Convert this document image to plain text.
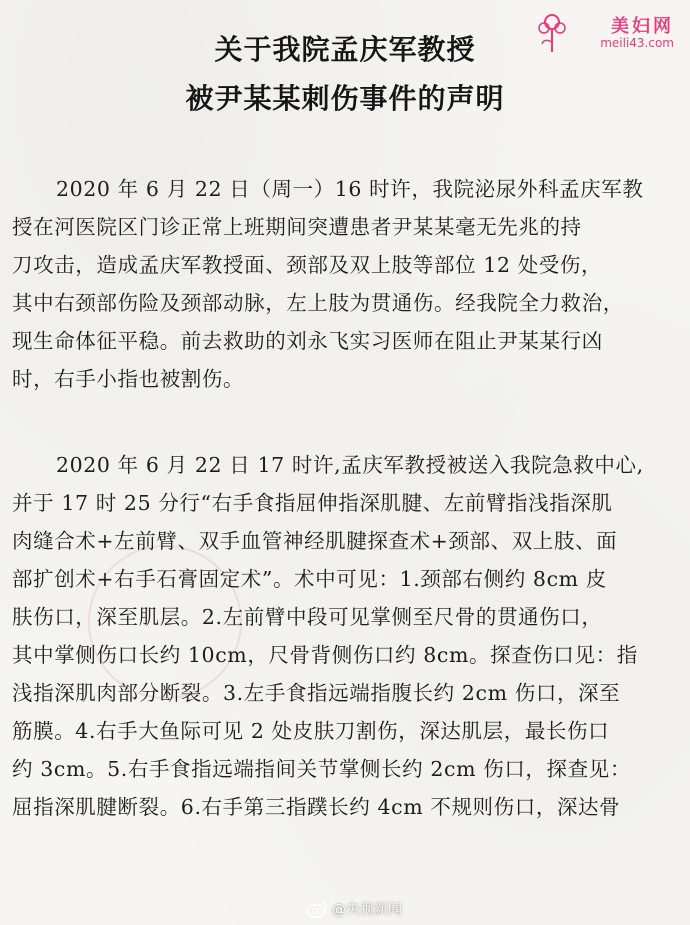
美妇网
meili43.com
关于我院孟庆军教授
被尹某某刺伤事件的声明
2020 年 6 月 22 日（周一）16 时许，我院泌尿外科孟庆军教
授在河医院区门诊正常上班期间突遭患者尹某某毫无先兆的持
刀攻击，造成孟庆军教授面、颈部及双上肢等部位 12 处受伤，
其中右颈部伤险及颈部动脉，左上肢为贯通伤。经我院全力救治，
现生命体征平稳。前去救助的刘永飞实习医师在阻止尹某某行凶
时，右手小指也被割伤。
2020 年 6 月 22 日 17 时许,孟庆军教授被送入我院急救中心,
并于 17 时 25 分行“右手食指屈伸指深肌腱、左前臂指浅指深肌
肉缝合术+左前臂、双手血管神经肌腱探查术+颈部、双上肢、面
部扩创术+右手石膏固定术”。术中可见：1.颈部右侧约 8cm 皮
肤伤口，深至肌层。2.左前臂中段可见掌侧至尺骨的贯通伤口，
其中掌侧伤口长约 10cm，尺骨背侧伤口约 8cm。探查伤口见：指
浅指深肌肉部分断裂。3.左手食指远端指腹长约 2cm 伤口，深至
筋膜。4.右手大鱼际可见 2 处皮肤刀割伤，深达肌层，最长伤口
约 3cm。5.右手食指远端指间关节掌侧长约 2cm 伤口，探查见：
屈指深肌腱断裂。6.右手第三指蹼长约 4cm 不规则伤口，深达骨
@央视新闻
